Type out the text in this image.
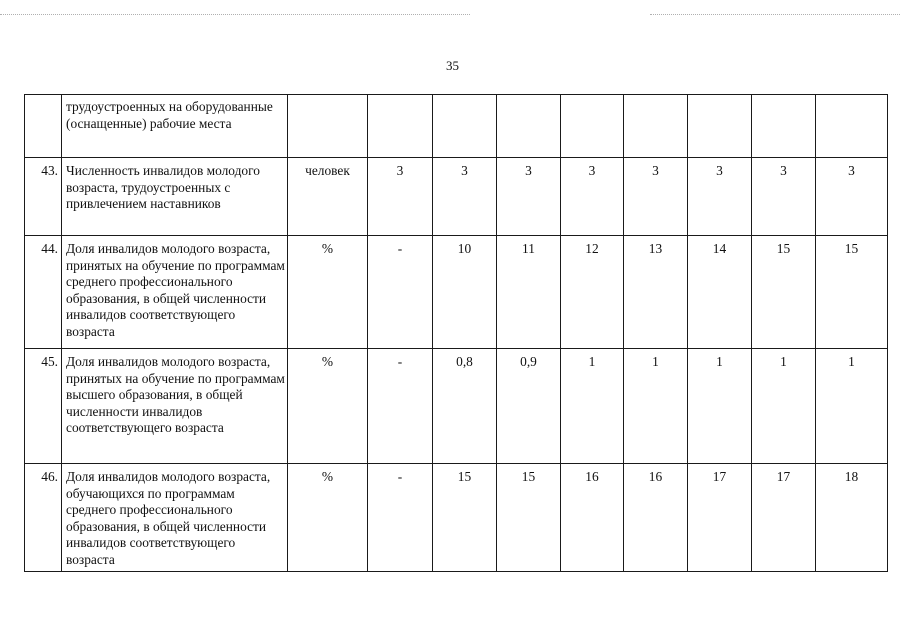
35
	трудоустроенных на оборудованные (оснащенные) рабочие места									
43.	Численность инвалидов молодого возраста, трудоустроенных с привлечением наставников	человек	3	3	3	3	3	3	3	3
44.	Доля инвалидов молодого возраста, принятых на обучение по программам среднего профессионального образования, в общей численности инвалидов соответствующего возраста	%	-	10	11	12	13	14	15	15
45.	Доля инвалидов молодого возраста, принятых на обучение по программам высшего образования, в общей численности инвалидов соответствующего возраста	%	-	0,8	0,9	1	1	1	1	1
46.	Доля инвалидов молодого возраста, обучающихся по программам среднего профессионального образования, в общей численности инвалидов соответствующего возраста	%	-	15	15	16	16	17	17	18
